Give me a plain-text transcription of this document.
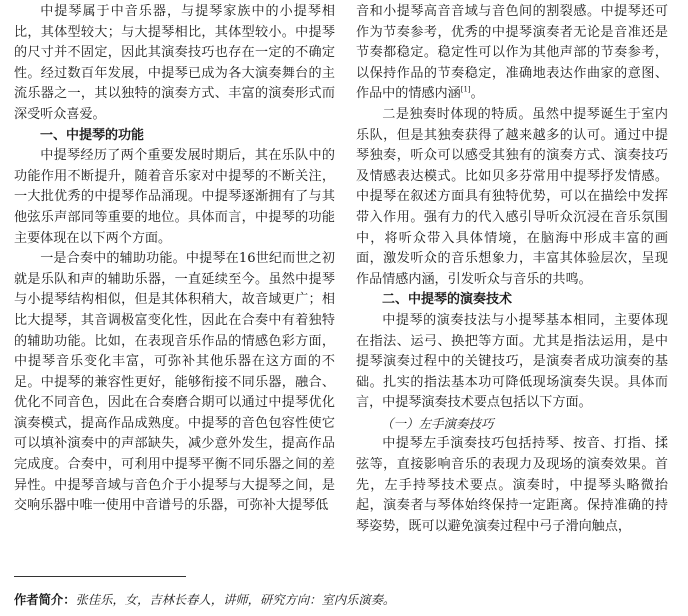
中提琴属于中音乐器，与提琴家族中的小提琴相比，其体型较大；与大提琴相比，其体型较小。中提琴的尺寸并不固定，因此其演奏技巧也存在一定的不确定性。经过数百年发展，中提琴已成为各大演奏舞台的主流乐器之一，其以独特的演奏方式、丰富的演奏形式而深受听众喜爱。

一、中提琴的功能

中提琴经历了两个重要发展时期后，其在乐队中的功能作用不断提升，随着音乐家对中提琴的不断关注，一大批优秀的中提琴作品涌现。中提琴逐渐拥有了与其他弦乐声部同等重要的地位。具体而言，中提琴的功能主要体现在以下两个方面。

一是合奏中的辅助功能。中提琴在16世纪而世之初就是乐队和声的辅助乐器，一直延续至今。虽然中提琴与小提琴结构相似，但是其体积稍大，故音域更广；相比大提琴，其音调极富变化性，因此在合奏中有着独特的辅助功能。比如，在表现音乐作品的情感色彩方面，中提琴音乐变化丰富，可弥补其他乐器在这方面的不足。中提琴的兼容性更好，能够衔接不同乐器，融合、优化不同音色，因此在合奏磨合期可以通过中提琴优化演奏模式，提高作品成熟度。中提琴的音色包容性使它可以填补演奏中的声部缺失，减少意外发生，提高作品完成度。合奏中，可利用中提琴平衡不同乐器之间的差异性。中提琴音域与音色介于小提琴与大提琴之间，是交响乐器中唯一使用中音谱号的乐器，可弥补大提琴低

音和小提琴高音音域与音色间的割裂感。中提琴还可作为节奏参考，优秀的中提琴演奏者无论是音准还是节奏都稳定。稳定性可以作为其他声部的节奏参考，以保持作品的节奏稳定，准确地表达作曲家的意图、作品中的情感内涵[1]。

二是独奏时体现的特质。虽然中提琴诞生于室内乐队，但是其独奏获得了越来越多的认可。通过中提琴独奏，听众可以感受其独有的演奏方式、演奏技巧及情感表达模式。比如贝多芬常用中提琴抒发情感。中提琴在叙述方面具有独特优势，可以在描绘中发挥带入作用。强有力的代入感引导听众沉浸在音乐氛围中，将听众带入具体情境，在脑海中形成丰富的画面，激发听众的音乐想象力，丰富其体验层次，呈现作品情感内涵，引发听众与音乐的共鸣。

二、中提琴的演奏技术

中提琴的演奏技法与小提琴基本相同，主要体现在指法、运弓、换把等方面。尤其是指法运用，是中提琴演奏过程中的关键技巧，是演奏者成功演奏的基础。扎实的指法基本功可降低现场演奏失误。具体而言，中提琴演奏技术要点包括以下方面。

（一）左手演奏技巧

中提琴左手演奏技巧包括持琴、按音、打指、揉弦等，直接影响音乐的表现力及现场的演奏效果。首先，左手持琴技术要点。演奏时，中提琴头略微抬起，演奏者与琴体始终保持一定距离。保持准确的持琴姿势，既可以避免演奏过程中弓子滑向触点，

作者简介：张佳乐，女，吉林长春人，讲师，研究方向：室内乐演奏。
